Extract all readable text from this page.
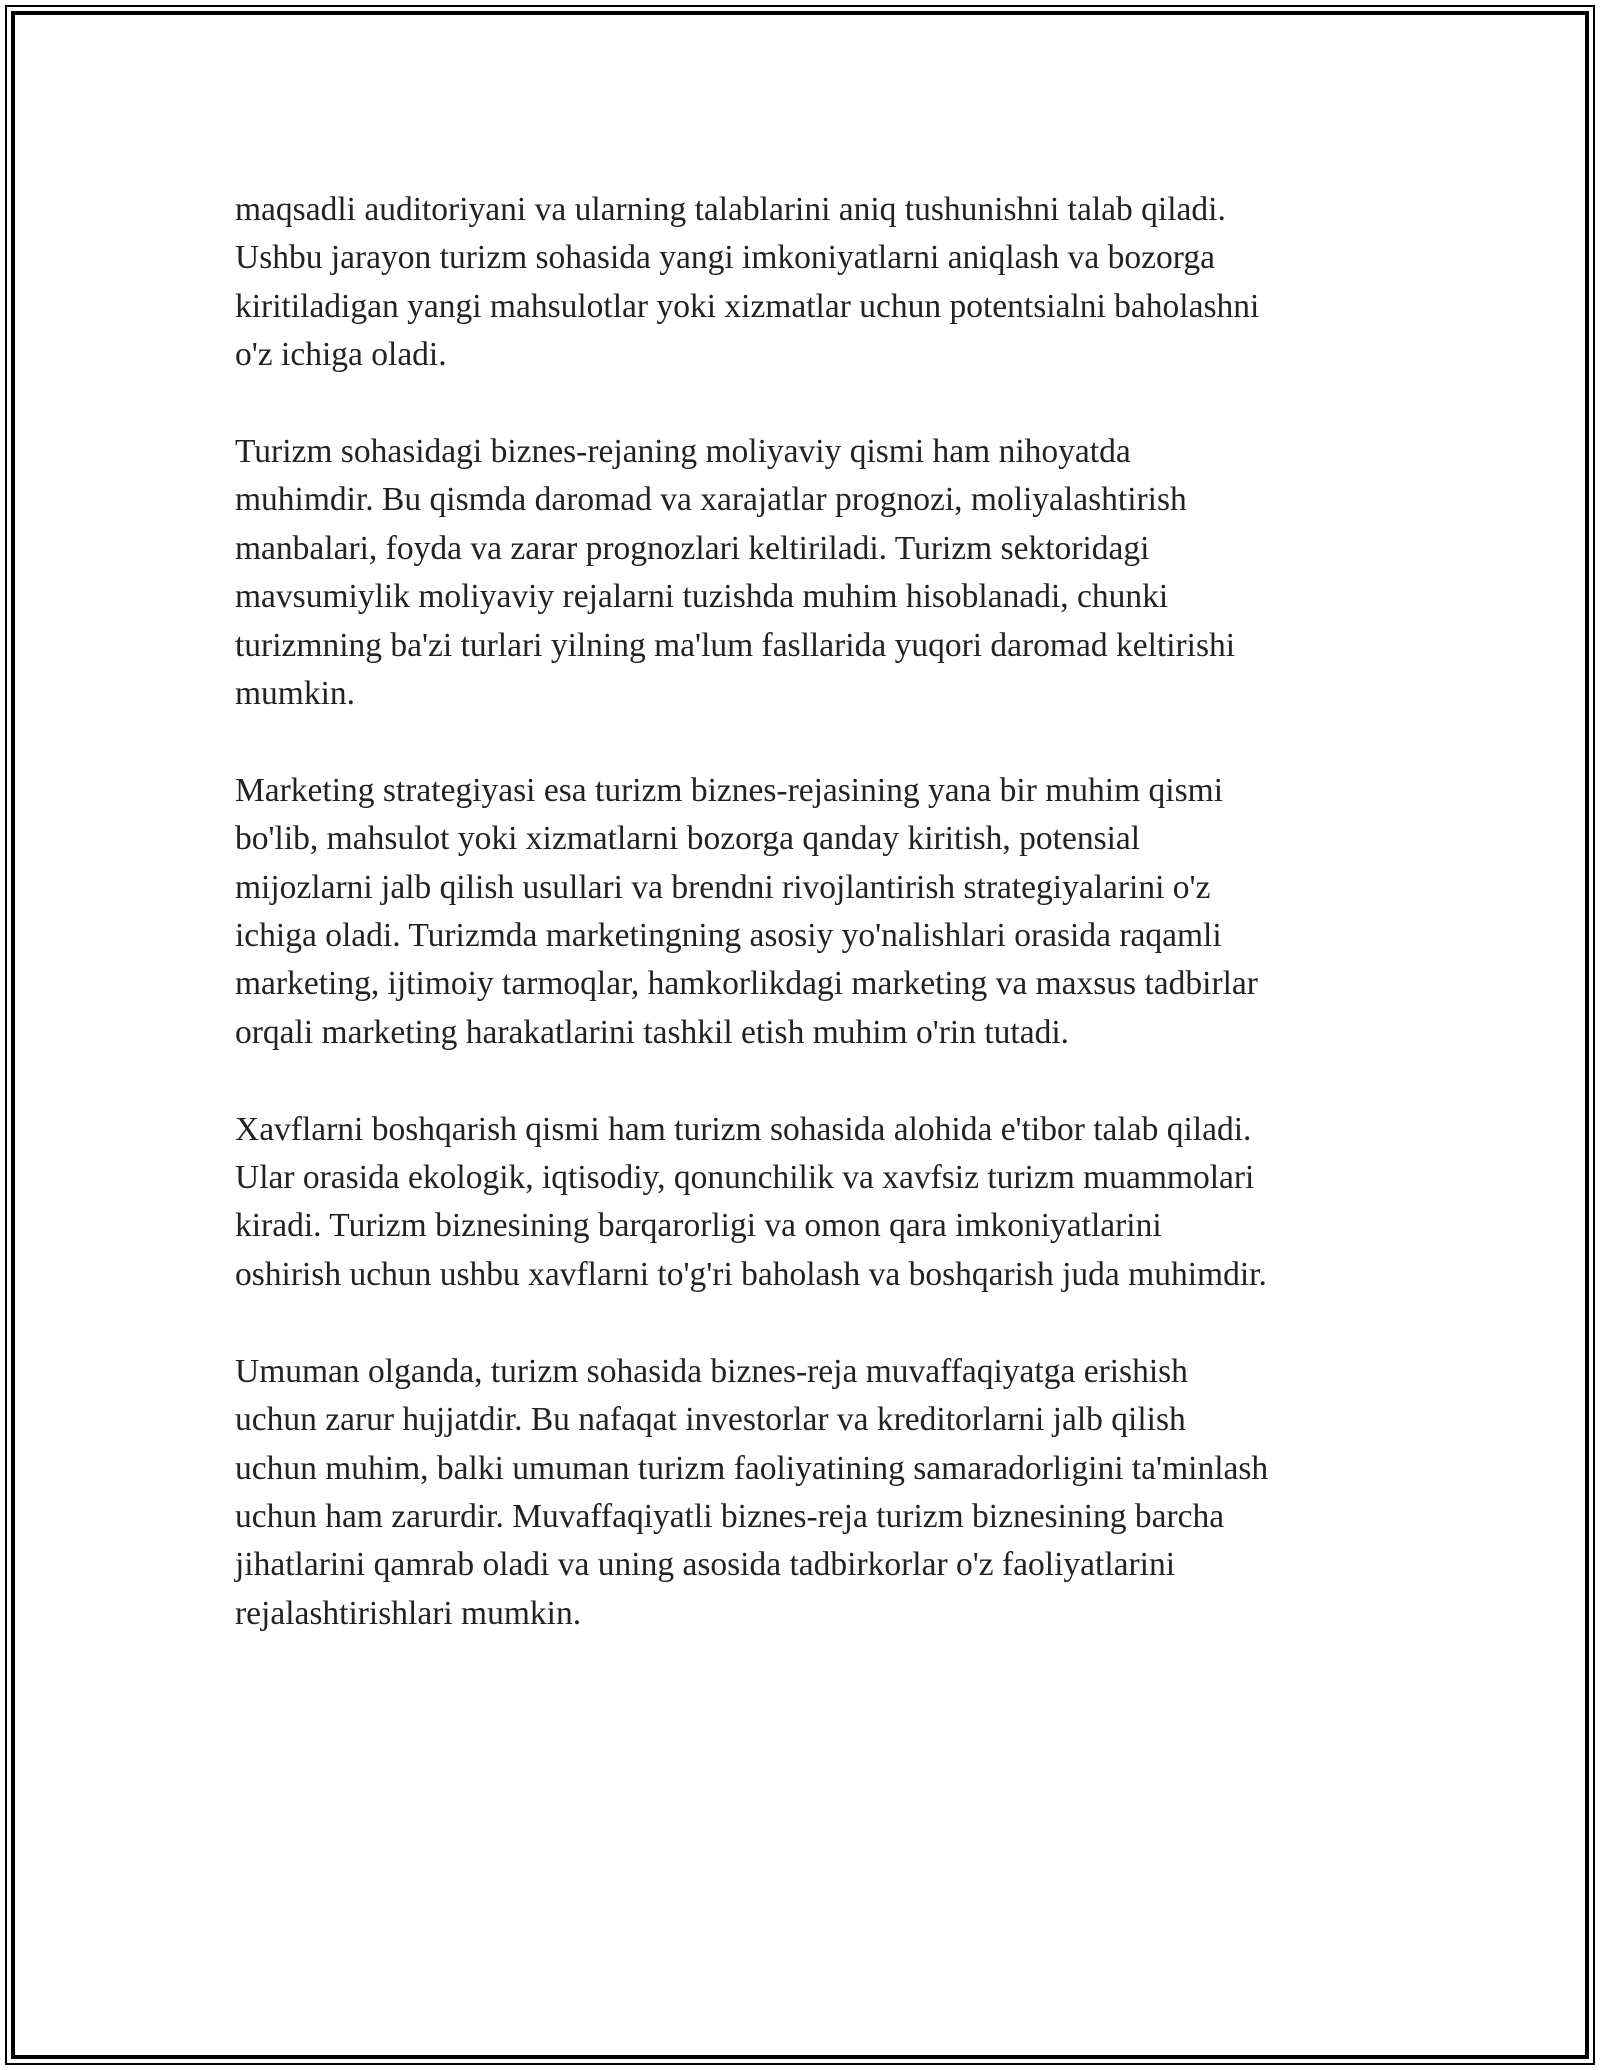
maqsadli auditoriyani va ularning talablarini aniq tushunishni talab qiladi.
Ushbu jarayon turizm sohasida yangi imkoniyatlarni aniqlash va bozorga
kiritiladigan yangi mahsulotlar yoki xizmatlar uchun potentsialni baholashni
o'z ichiga oladi.

Turizm sohasidagi biznes-rejaning moliyaviy qismi ham nihoyatda
muhimdir. Bu qismda daromad va xarajatlar prognozi, moliyalashtirish
manbalari, foyda va zarar prognozlari keltiriladi. Turizm sektoridagi
mavsumiylik moliyaviy rejalarni tuzishda muhim hisoblanadi, chunki
turizmning ba'zi turlari yilning ma'lum fasllarida yuqori daromad keltirishi
mumkin.

Marketing strategiyasi esa turizm biznes-rejasining yana bir muhim qismi
bo'lib, mahsulot yoki xizmatlarni bozorga qanday kiritish, potensial
mijozlarni jalb qilish usullari va brendni rivojlantirish strategiyalarini o'z
ichiga oladi. Turizmda marketingning asosiy yo'nalishlari orasida raqamli
marketing, ijtimoiy tarmoqlar, hamkorlikdagi marketing va maxsus tadbirlar
orqali marketing harakatlarini tashkil etish muhim o'rin tutadi.

Xavflarni boshqarish qismi ham turizm sohasida alohida e'tibor talab qiladi.
Ular orasida ekologik, iqtisodiy, qonunchilik va xavfsiz turizm muammolari
kiradi. Turizm biznesining barqarorligi va omon qara imkoniyatlarini
oshirish uchun ushbu xavflarni to'g'ri baholash va boshqarish juda muhimdir.

Umuman olganda, turizm sohasida biznes-reja muvaffaqiyatga erishish
uchun zarur hujjatdir. Bu nafaqat investorlar va kreditorlarni jalb qilish
uchun muhim, balki umuman turizm faoliyatining samaradorligini ta'minlash
uchun ham zarurdir. Muvaffaqiyatli biznes-reja turizm biznesining barcha
jihatlarini qamrab oladi va uning asosida tadbirkorlar o'z faoliyatlarini
rejalashtirishlari mumkin.
